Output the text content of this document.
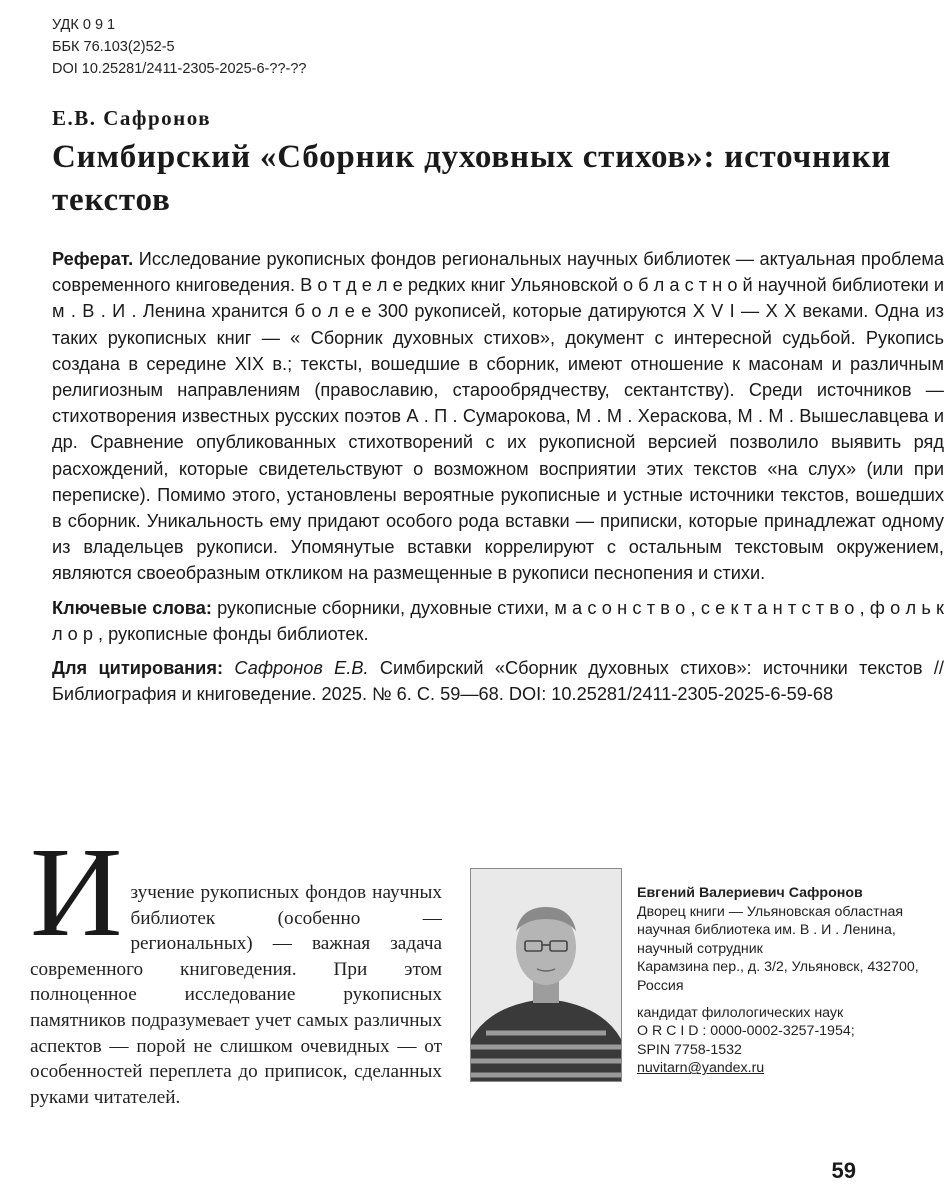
УДК 0 9 1
ББК 76.103(2)52-5
DOI 10.25281/2411-2305-2025-6-??-??
Е.В. Сафронов
Симбирский «Сборник духовных стихов»: источники текстов

Реферат. Исследование рукописных фондов региональных научных библиотек — актуальная проблема современного книговедения. В о т д е л е редких книг Ульяновской о б л а с т н о й научной библиотеки и м . В . И . Ленина хранится б о л е е 300 рукописей, которые датируются X V I — X X веками. Одна из таких рукописных книг — « Сборник духовных стихов», документ с интересной судьбой. Рукопись создана в середине XIX в.; тексты, вошедшие в сборник, имеют отношение к масонам и различным религиозным направлениям (православию, старообрядчеству, сектантству). Среди источников — стихотворения известных русских поэтов А . П . Сумарокова, М . М . Хераскова, М . М . Вышеславцева и др. Сравнение опубликованных стихотворений с их рукописной версией позволило выявить ряд расхождений, которые свидетельствуют о возможном восприятии этих текстов «на слух» (или при переписке). Помимо этого, установлены вероятные рукописные и устные источники текстов, вошедших в сборник. Уникальность ему придают особого рода вставки — приписки, которые принадлежат одному из владельцев рукописи. Упомянутые вставки коррелируют с остальным текстовым окружением, являются своеобразным откликом на размещенные в рукописи песнопения и стихи.

Ключевые слова: рукописные сборники, духовные стихи, м а с о н с т в о , с е к т а н т с т в о , ф о л ь к л о р , рукописные фонды библиотек.

Для цитирования: Сафронов Е.В. Симбирский «Сборник духовных стихов»: источники текстов // Библиография и книговедение. 2025. № 6. С. 59—68. DOI: 10.25281/2411-2305-2025-6-59-68

И зучение рукописных фондов научных библиотек (особенно — региональных) — важная задача современного книговедения. При этом полноценное исследование рукописных памятников подразумевает учет самых различных аспектов — порой не слишком очевидных — от особенностей переплета до приписок, сделанных руками читателей.

Евгений Валериевич Сафронов
Дворец книги — Ульяновская областная научная библиотека им. В . И . Ленина, научный сотрудник
Карамзина пер., д. 3/2, Ульяновск, 432700, Россия
кандидат филологических наук
O R C I D : 0000-0002-3257-1954;
SPIN 7758-1532
nuvitarn@yandex.ru
59
